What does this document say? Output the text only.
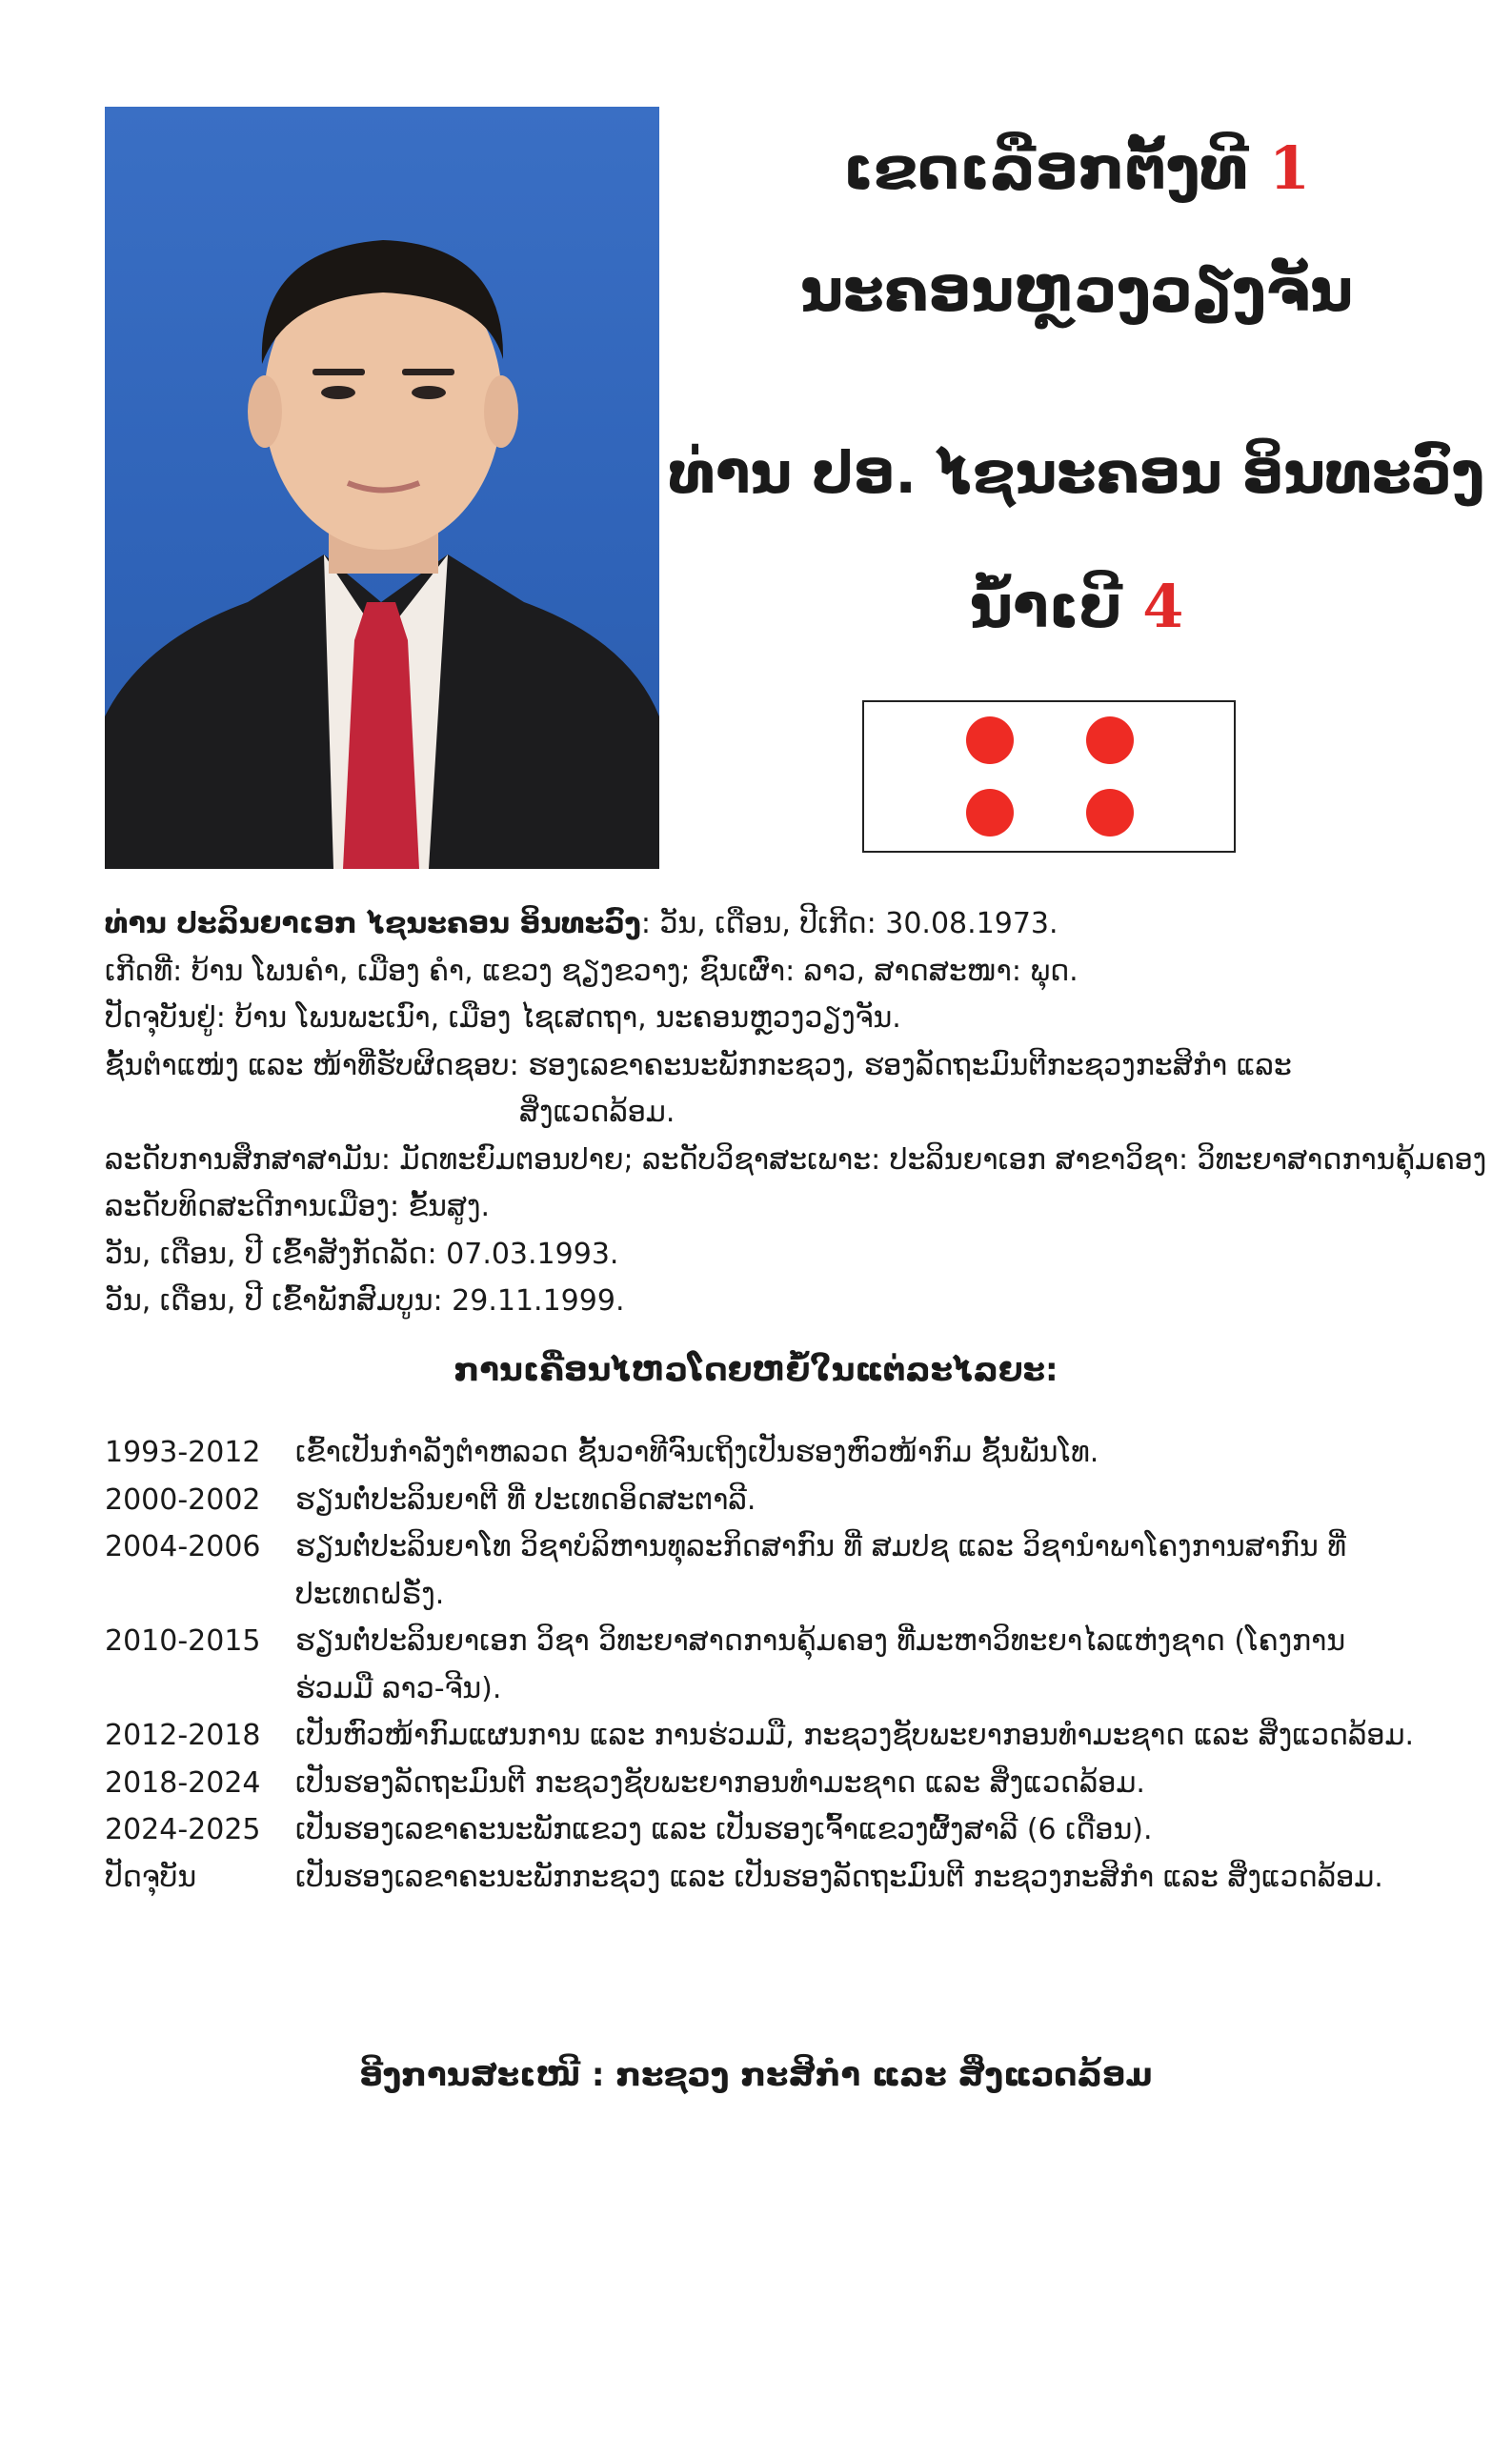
ເຂດເລືອກຕັ້ງທີ 1
ນະຄອນຫຼວງວຽງຈັນ
ທ່ານ ປອ. ໄຊນະຄອນ ອິນທະວົງ
ນໍ້າເບີ 4
ທ່ານ ປະລິນຍາເອກ ໄຊນະຄອນ ອິນທະວົງ: ວັນ, ເດືອນ, ປີເກີດ: 30.08.1973.
ເກີດທີ່: ບ້ານ ໂພນຄໍາ, ເມືອງ ຄໍາ, ແຂວງ ຊຽງຂວາງ; ຊົນເຜົ່າ: ລາວ, ສາດສະໜາ: ພຸດ.
ປັດຈຸບັນຢູ່: ບ້ານ ໂພນພະເນົາ, ເມືອງ ໄຊເສດຖາ, ນະຄອນຫຼວງວຽງຈັນ.
ຊັ້ນຕໍາແໜ່ງ ແລະ ໜ້າທີ່ຮັບຜິດຊອບ: ຮອງເລຂາຄະນະພັກກະຊວງ, ຮອງລັດຖະມົນຕີກະຊວງກະສິກໍາ ແລະ
ສິ່ງແວດລ້ອມ.
ລະດັບການສຶກສາສາມັນ: ມັດທະຍົມຕອນປາຍ; ລະດັບວິຊາສະເພາະ: ປະລິນຍາເອກ ສາຂາວິຊາ: ວິທະຍາສາດການຄຸ້ມຄອງ
ລະດັບທິດສະດີການເມືອງ: ຂັ້ນສູງ.
ວັນ, ເດືອນ, ປີ ເຂົ້າສັງກັດລັດ: 07.03.1993.
ວັນ, ເດືອນ, ປີ ເຂົ້າພັກສົມບູນ: 29.11.1999.
ການເຄື່ອນໄຫວໂດຍຫຍໍ້ໃນແຕ່ລະໄລຍະ:
1993-2012	ເຂົ້າເປັນກໍາລັງຕໍາຫລວດ ຊັ້ນວາທີຈົນເຖິງເປັນຮອງຫົວໜ້າກົມ ຊັ້ນພັນໂທ.
2000-2002	ຮຽນຕໍ່ປະລິນຍາຕີ ທີ່ ປະເທດອິດສະຕາລີ.
2004-2006	ຮຽນຕໍ່ປະລິນຍາໂທ ວິຊາບໍລິຫານທຸລະກິດສາກົນ ທີ່ ສມປຊ ແລະ ວິຊານໍາພາໂຄງການສາກົນ ທີ່ປະເທດຝຣັ່ງ.
2010-2015	ຮຽນຕໍ່ປະລິນຍາເອກ ວິຊາ ວິທະຍາສາດການຄຸ້ມຄອງ ທີ່ມະຫາວິທະຍາໄລແຫ່ງຊາດ (ໂຄງການຮ່ວມມື ລາວ-ຈີນ).
2012-2018	ເປັນຫົວໜ້າກົມແຜນການ ແລະ ການຮ່ວມມື, ກະຊວງຊັບພະຍາກອນທໍາມະຊາດ ແລະ ສິ່ງແວດລ້ອມ.
2018-2024	ເປັນຮອງລັດຖະມົນຕີ ກະຊວງຊັບພະຍາກອນທໍາມະຊາດ ແລະ ສິ່ງແວດລ້ອມ.
2024-2025	ເປັນຮອງເລຂາຄະນະພັກແຂວງ ແລະ ເປັນຮອງເຈົ້າແຂວງຜົ້ງສາລີ (6 ເດືອນ).
ປັດຈຸບັນ	ເປັນຮອງເລຂາຄະນະພັກກະຊວງ ແລະ ເປັນຮອງລັດຖະມົນຕີ ກະຊວງກະສິກໍາ ແລະ ສິ່ງແວດລ້ອມ.
ອີງການສະເໜີ : ກະຊວງ ກະສິກໍາ ແລະ ສິ່ງແວດລ້ອມ
